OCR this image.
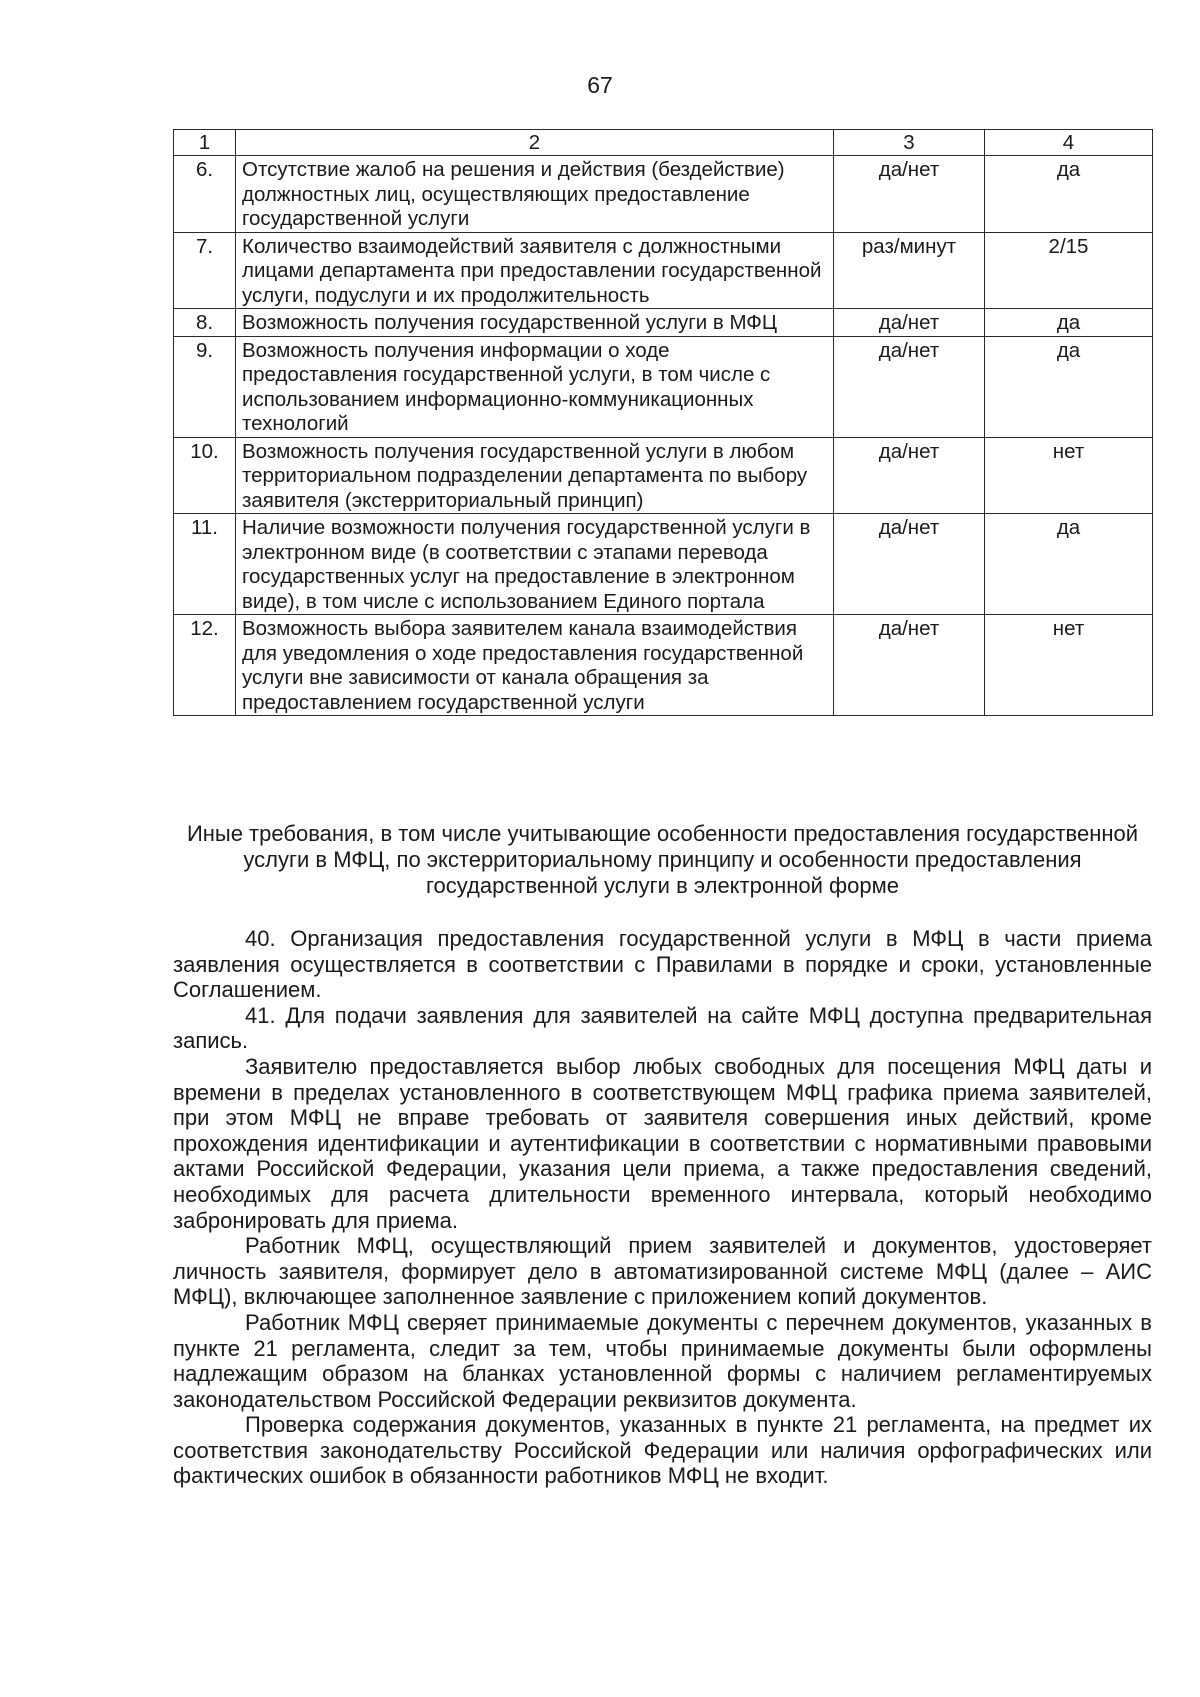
67
1	2	3	4
6.	Отсутствие жалоб на решения и действия (бездействие) должностных лиц, осуществляющих предоставление государственной услуги	да/нет	да
7.	Количество взаимодействий заявителя с должностными лицами департамента при предоставлении государственной услуги, подуслуги и их продолжительность	раз/минут	2/15
8.	Возможность получения государственной услуги в МФЦ	да/нет	да
9.	Возможность получения информации о ходе предоставления государственной услуги, в том числе с использованием информационно-коммуникационных технологий	да/нет	да
10.	Возможность получения государственной услуги в любом территориальном подразделении департамента по выбору заявителя (экстерриториальный принцип)	да/нет	нет
11.	Наличие возможности получения государственной услуги в электронном виде (в соответствии с этапами перевода государственных услуг на предоставление в электронном виде), в том числе с использованием Единого портала	да/нет	да
12.	Возможность выбора заявителем канала взаимодействия для уведомления о ходе предоставления государственной услуги вне зависимости от канала обращения за предоставлением государственной услуги	да/нет	нет
Иные требования, в том числе учитывающие особенности предоставления государственной услуги в МФЦ, по экстерриториальному принципу и особенности предоставления государственной услуги в электронной форме

40. Организация предоставления государственной услуги в МФЦ в части приема заявления осуществляется в соответствии с Правилами в порядке и сроки, установленные Соглашением.

41. Для подачи заявления для заявителей на сайте МФЦ доступна предварительная запись.

Заявителю предоставляется выбор любых свободных для посещения МФЦ даты и времени в пределах установленного в соответствующем МФЦ графика приема заявителей, при этом МФЦ не вправе требовать от заявителя совершения иных действий, кроме прохождения идентификации и аутентификации в соответствии с нормативными правовыми актами Российской Федерации, указания цели приема, а также предоставления сведений, необходимых для расчета длительности временного интервала, который необходимо забронировать для приема.

Работник МФЦ, осуществляющий прием заявителей и документов, удостоверяет личность заявителя, формирует дело в автоматизированной системе МФЦ (далее – АИС МФЦ), включающее заполненное заявление с приложением копий документов.

Работник МФЦ сверяет принимаемые документы с перечнем документов, указанных в пункте 21 регламента, следит за тем, чтобы принимаемые документы были оформлены надлежащим образом на бланках установленной формы с наличием регламентируемых законодательством Российской Федерации реквизитов документа.

Проверка содержания документов, указанных в пункте 21 регламента, на предмет их соответствия законодательству Российской Федерации или наличия орфографических или фактических ошибок в обязанности работников МФЦ не входит.
